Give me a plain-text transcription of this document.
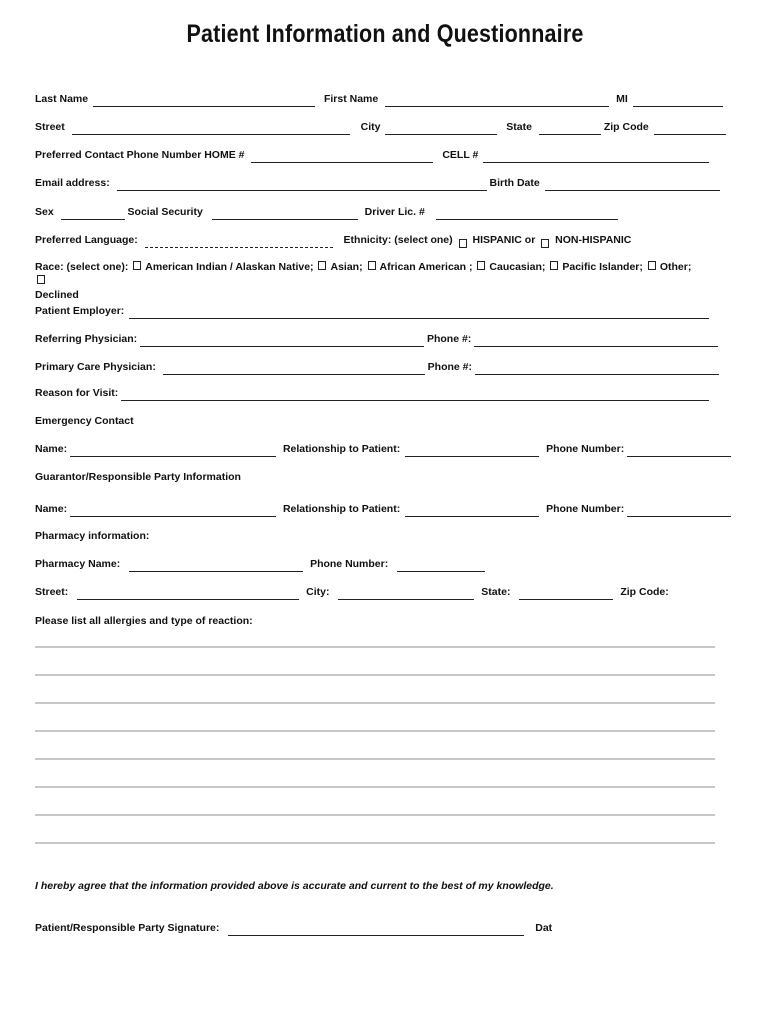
Patient Information and Questionnaire
Last Name	First Name	MI
Street	City	State	Zip Code
Preferred Contact Phone Number HOME #	CELL #
Email address:	Birth Date
Sex	Social Security	Driver Lic. #
Preferred Language:	Ethnicity: (select one) HISPANIC or NON-HISPANIC
Race: (select one): American Indian / Alaskan Native; Asian; African American ; Caucasian; Pacific Islander; Other;
Declined
Patient Employer:
Referring Physician:	Phone #:
Primary Care Physician:	Phone #:
Reason for Visit:
Emergency Contact
Name:	Relationship to Patient:	Phone Number:
Guarantor/Responsible Party Information
Name:	Relationship to Patient:	Phone Number:
Pharmacy information:
Pharmacy Name:	Phone Number:
Street:	City:	State:	Zip Code:
Please list all allergies and type of reaction:
I hereby agree that the information provided above is accurate and current to the best of my knowledge.
Patient/Responsible Party Signature:	Dat
